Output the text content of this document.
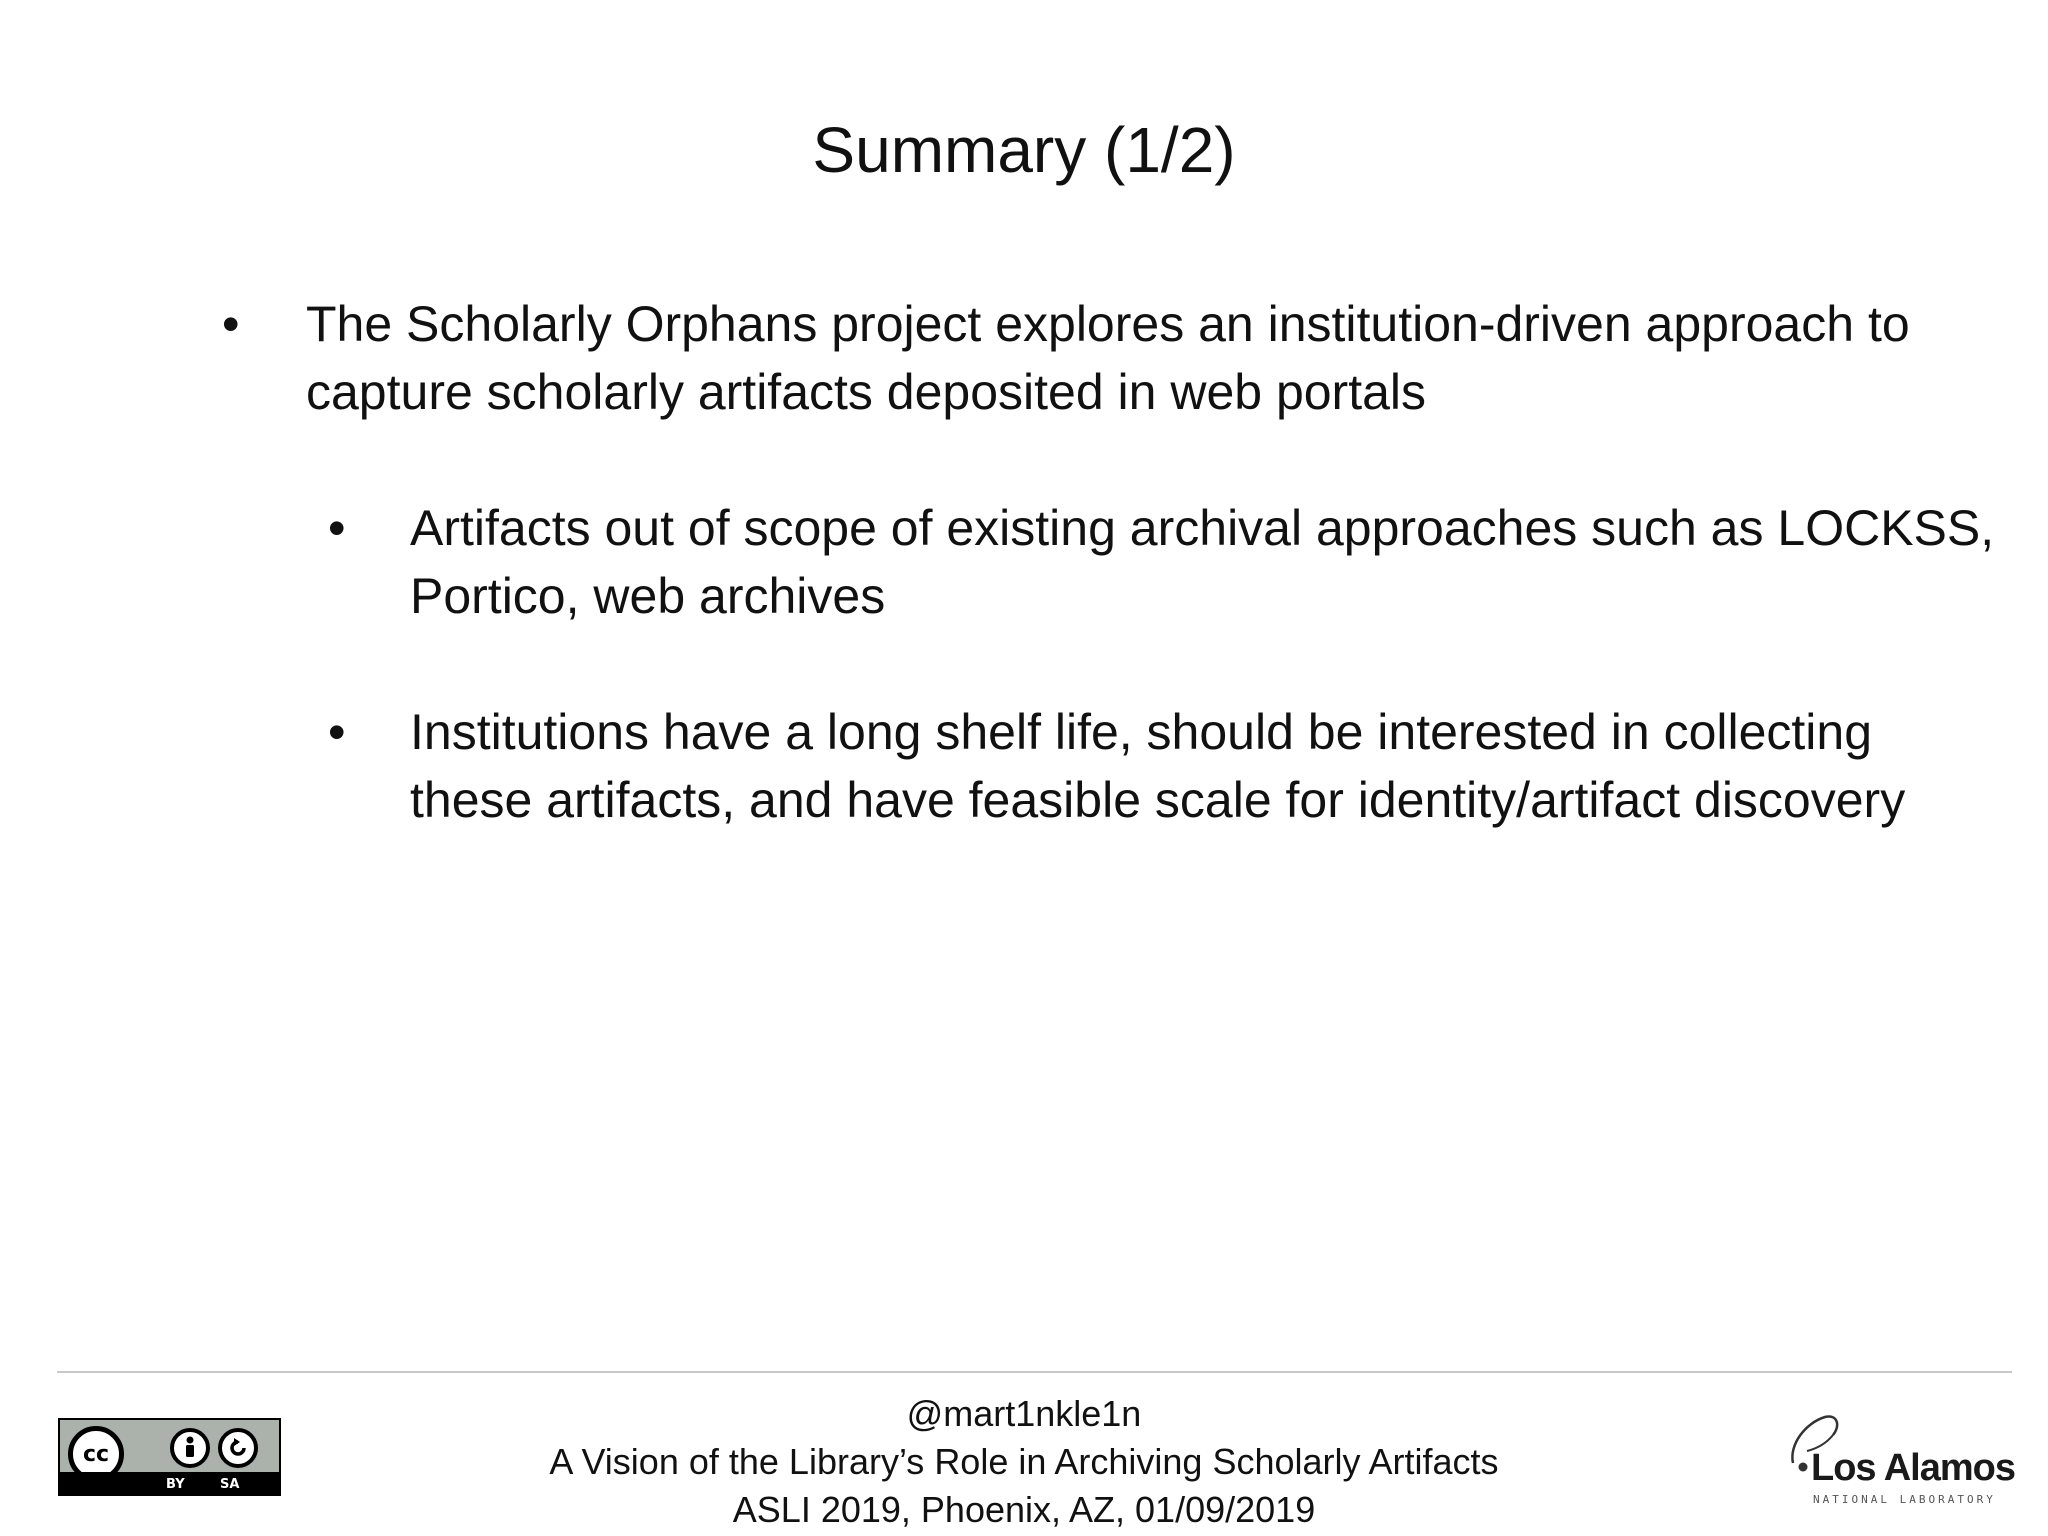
Summary (1/2)
•	The Scholarly Orphans project explores an institution-driven approach to capture scholarly artifacts deposited in web portals
•	Artifacts out of scope of existing archival approaches such as LOCKSS, Portico, web archives
•	Institutions have a long shelf life, should be interested in collecting these artifacts, and have feasible scale for identity/artifact discovery
@mart1nkle1n
A Vision of the Library’s Role in Archiving Scholarly Artifacts
ASLI 2019, Phoenix, AZ, 01/09/2019
cc
BY	SA	Los Alamos
NATIONAL LABORATORY
